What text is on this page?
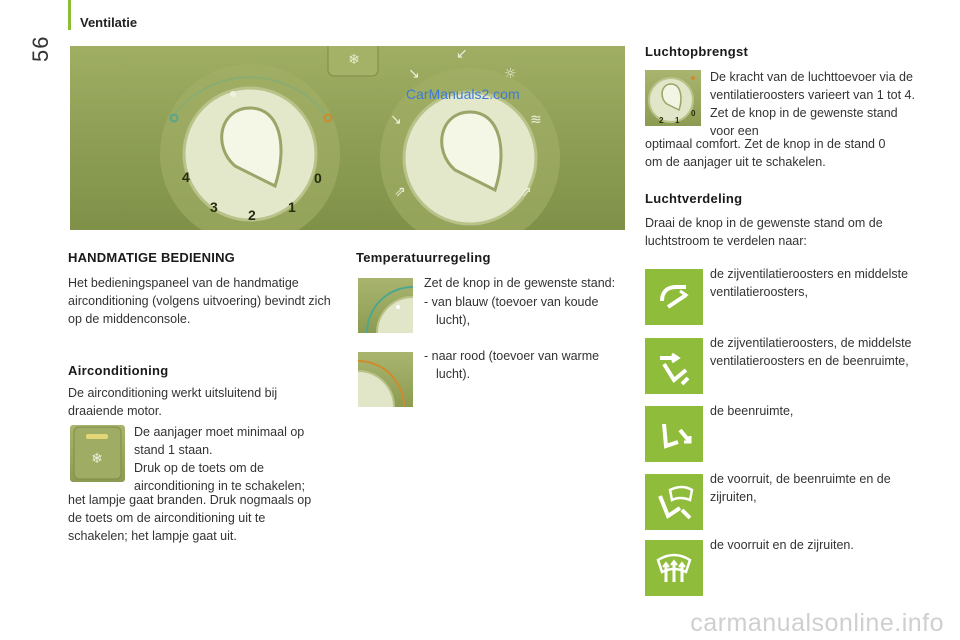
56
Ventilatie
❄
4
3 2 1
0
↘
↘
↙
☼
≋
⇗	⇗
CarManuals2.com
HANDMATIGE BEDIENING
Het bedieningspaneel van de handmatige airconditioning (volgens uitvoering) bevindt zich op de middenconsole.
Airconditioning
De airconditioning werkt uitsluitend bij draaiende motor.
❄
De aanjager moet minimaal op stand 1 staan.
Druk op de toets om de airconditioning in te schakelen;
het lampje gaat branden. Druk nogmaals op de toets om de airconditioning uit te schakelen; het lampje gaat uit.
Temperatuurregeling
Zet de knop in de gewenste stand:
- van blauw (toevoer van koude lucht),
- naar rood (toevoer van warme lucht).
Luchtopbrengst
2 1
0
De kracht van de luchttoevoer via de ventilatieroosters varieert van 1 tot 4. Zet de knop in de gewenste stand voor een
optimaal comfort. Zet de knop in de stand 0 om de aanjager uit te schakelen.
Luchtverdeling
Draai de knop in de gewenste stand om de luchtstroom te verdelen naar:
de zijventilatieroosters en middelste ventilatieroosters,
de zijventilatieroosters, de middelste ventilatieroosters en de beenruimte,
de beenruimte,
de voorruit, de beenruimte en de zijruiten,
de voorruit en de zijruiten.
carmanualsonline.info
